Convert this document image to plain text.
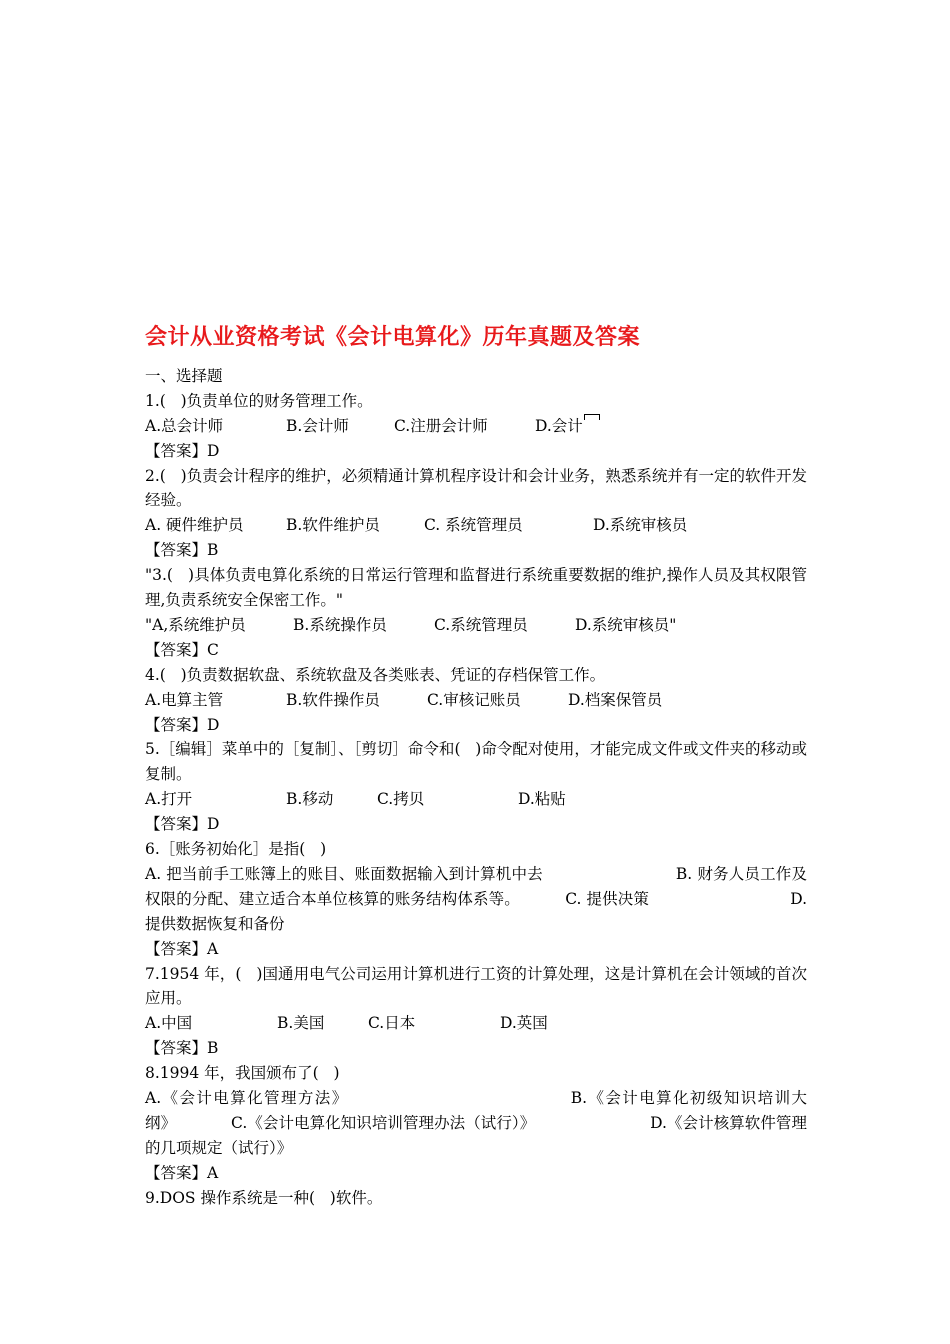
会计从业资格考试《会计电算化》历年真题及答案
一、选择题
1.(   )负责单位的财务管理工作。
A.总会计师	B.会计师	C.注册会计师	D.会计
【答案】D
2.(   )负责会计程序的维护，必须精通计算机程序设计和会计业务，熟悉系统并有一定的软件开发经验。
A. 硬件维护员	B.软件维护员	C. 系统管理员	D.系统审核员
【答案】B
"3.(   )具体负责电算化系统的日常运行管理和监督进行系统重要数据的维护,操作人员及其权限管理,负责系统安全保密工作。"
"A,系统维护员	B.系统操作员	C.系统管理员	D.系统审核员"
【答案】C
4.(   )负责数据软盘、系统软盘及各类账表、凭证的存档保管工作。
A.电算主管	B.软件操作员	C.审核记账员	D.档案保管员
【答案】D
5.［编辑］菜单中的［复制］、［剪切］命令和(   )命令配对使用，才能完成文件或文件夹的移动或复制。
A.打开	B.移动	C.拷贝	D.粘贴
【答案】D
6.［账务初始化］是指(   )
A. 把当前手工账簿上的账目、账面数据输入到计算机中去                          B. 财务人员工作及权限的分配、建立适合本单位核算的账务结构体系等。         C. 提供决策                            D. 提供数据恢复和备份
【答案】A
7.1954 年，(   )国通用电气公司运用计算机进行工资的计算处理，这是计算机在会计领域的首次应用。
A.中国	B.美国	C.日本	D.英国
【答案】B
8.1994 年，我国颁布了(   )
A.《会计电算化管理方法》                                   B.《会计电算化初级知识培训大纲》           C.《会计电算化知识培训管理办法（试行）》                       D.《会计核算软件管理的几项规定（试行）》
【答案】A
9.DOS 操作系统是一种(   )软件。
